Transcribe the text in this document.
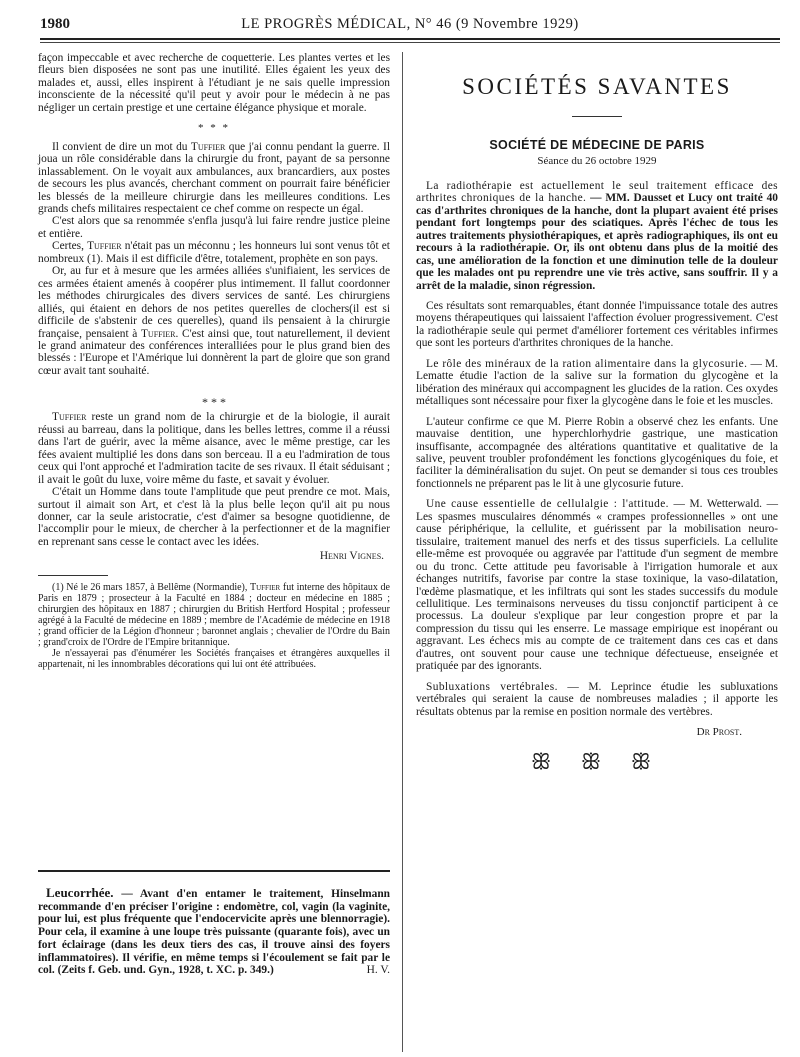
1980	LE PROGRÈS MÉDICAL, N° 46 (9 Novembre 1929)

façon impeccable et avec recherche de coquetterie. Les plantes vertes et les fleurs bien disposées ne sont pas une inutilité. Elles égaient les yeux des malades et, aussi, elles inspirent à l'étudiant je ne sais quelle impression inconsciente de la nécessité qu'il peut y avoir pour le médecin à ne pas négliger un certain prestige et une certaine élégance physique et morale.

* * *

Il convient de dire un mot du Tuffier que j'ai connu pendant la guerre. Il joua un rôle considérable dans la chirurgie du front, payant de sa personne inlassablement. On le voyait aux ambulances, aux brancardiers, aux postes de secours les plus avancés, cherchant comment on pourrait faire bénéficier les blessés de la meilleure chirurgie dans les meilleures conditions. Les grands chefs militaires respectaient ce chef comme on respecte un égal.

C'est alors que sa renommée s'enfla jusqu'à lui faire rendre justice pleine et entière.

Certes, Tuffier n'était pas un méconnu ; les honneurs lui sont venus tôt et nombreux (1). Mais il est difficile d'être, totalement, prophète en son pays.

Or, au fur et à mesure que les armées alliées s'unifiaient, les services de ces armées étaient amenés à coopérer plus intimement. Il fallut coordonner les méthodes chirurgicales des divers services de santé. Les chirurgiens alliés, qui étaient en dehors de nos petites querelles de clochers(il est si difficile de s'abstenir de ces querelles), quand ils pensaient à la chirurgie française, pensaient à Tuffier. C'est ainsi que, tout naturellement, il devient le grand animateur des conférences interalliées pour le plus grand bien des blessés : l'Europe et l'Amérique lui donnèrent la part de gloire que son grand cœur avait tant souhaité.

* * *

Tuffier reste un grand nom de la chirurgie et de la biologie, il aurait réussi au barreau, dans la politique, dans les belles lettres, comme il a réussi dans l'art de guérir, avec la même aisance, avec le même prestige, car les fées avaient multiplié les dons dans son berceau. Il a eu l'admiration de tous ceux qui l'ont approché et l'admiration tacite de ses rivaux. Il était séduisant ; il avait le goût du luxe, voire même du faste, et savait y évoluer.

C'était un Homme dans toute l'amplitude que peut prendre ce mot. Mais, surtout il aimait son Art, et c'est là la plus belle leçon qu'il ait pu nous donner, car la seule aristocratie, c'est d'aimer sa besogne quotidienne, de l'accomplir pour le mieux, de chercher à la perfectionner et de la magnifier en reprenant sans cesse le contact avec les idées.

Henri Vignes.

(1) Né le 26 mars 1857, à Bellême (Normandie), Tuffier fut interne des hôpitaux de Paris en 1879 ; prosecteur à la Faculté en 1884 ; docteur en médecine en 1885 ; chirurgien des hôpitaux en 1887 ; chirurgien du British Hertford Hospital ; professeur agrégé à la Faculté de médecine en 1889 ; membre de l'Académie de médecine en 1918 ; grand officier de la Légion d'honneur ; baronnet anglais ; chevalier de l'Ordre du Bain ; grand'croix de l'Ordre de l'Empire britannique.

Je n'essayerai pas d'énumérer les Sociétés françaises et étrangères auxquelles il appartenait, ni les innombrables décorations qui lui ont été attribuées.

Leucorrhée. — Avant d'en entamer le traitement, Hinselmann recommande d'en préciser l'origine : endomètre, col, vagin (la vaginite, pour lui, est plus fréquente que l'endocervicite après une blennorragie). Pour cela, il examine à une loupe très puissante (quarante fois), avec un fort éclairage (dans les deux tiers des cas, il trouve ainsi des foyers inflammatoires). Il vérifie, en même temps si l'écoulement se fait par le col. (Zeits f. Geb. und. Gyn., 1928, t. XC. p. 349.)	H. V.

SOCIÉTÉS SAVANTES
SOCIÉTÉ DE MÉDECINE DE PARIS
Séance du 26 octobre 1929

La radiothérapie est actuellement le seul traitement efficace des arthrites chroniques de la hanche. — MM. Dausset et Lucy ont traité 40 cas d'arthrites chroniques de la hanche, dont la plupart avaient été prises pendant fort longtemps pour des sciatiques. Après l'échec de tous les autres traitements physiothérapiques, et après radiographiques, ils ont eu recours à la radiothérapie. Or, ils ont obtenu dans plus de la moitié des cas, une amélioration de la fonction et une diminution telle de la douleur que les malades ont pu reprendre une vie très active, sans souffrir. Il y a arrêt de la maladie, sinon régression.

Ces résultats sont remarquables, étant donnée l'impuissance totale des autres moyens thérapeutiques qui laissaient l'affection évoluer progressivement. C'est la radiothérapie seule qui permet d'améliorer fortement ces véritables infirmes que sont les porteurs d'arthrites chroniques de la hanche.

Le rôle des minéraux de la ration alimentaire dans la glycosurie. — M. Lematte étudie l'action de la salive sur la formation du glycogène et la libération des minéraux qui accompagnent les glucides de la ration. Ces oxydes métalliques sont nécessaire pour fixer la glycogène dans le foie et les muscles.

L'auteur confirme ce que M. Pierre Robin a observé chez les enfants. Une mauvaise dentition, une hyperchlorhydrie gastrique, une mastication insuffisante, accompagnée des altérations quantitative et qualitative de la salive, peuvent troubler profondément les fonctions glycogéniques du foie, et faciliter la déminéralisation du sujet. On peut se demander si tous ces troubles fonctionnels ne préparent pas le lit à une glycosurie future.

Une cause essentielle de cellulalgie : l'attitude. — M. Wetterwald. — Les spasmes musculaires dénommés « crampes professionnelles » ont une cause périphérique, la cellulite, et guérissent par la mobilisation neuro-tissulaire, traitement manuel des nerfs et des tissus superficiels. La cellulite elle-même est provoquée ou aggravée par l'attitude d'un segment de membre ou du tronc. Cette attitude peu favorisable à l'irrigation humorale et aux échanges nutritifs, favorise par contre la stase toxinique, la vaso-dilatation, l'œdème plasmatique, et les infiltrats qui sont les stades successifs du module cellulitique. Les terminaisons nerveuses du tissu conjonctif participent à ce processus. La douleur s'explique par leur congestion propre et par la compression du tissu qui les enserre. Le massage empirique est inopérant ou aggravant. Les échecs mis au compte de ce traitement dans ces cas et dans d'autres, ont souvent pour cause une technique défectueuse, enseignée et pratiquée par des ignorants.

Subluxations vertébrales. — M. Leprince étudie les subluxations vertébrales qui seraient la cause de nombreuses maladies ; il apporte les résultats obtenus par la remise en position normale des vertèbres.

Dr Prost.
ꕥ ꕥ ꕥ
